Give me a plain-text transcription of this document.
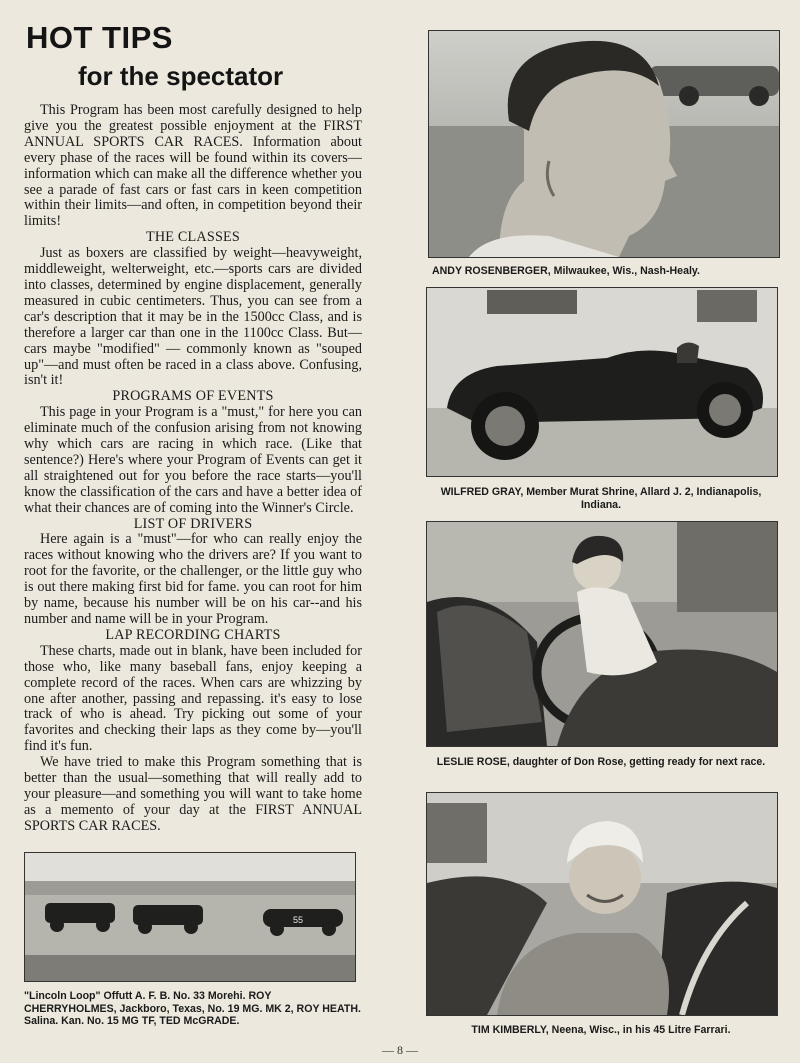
HOT TIPS
for the spectator

This Program has been most carefully designed to help give you the greatest possible enjoyment at the FIRST ANNUAL SPORTS CAR RACES. Information about every phase of the races will be found within its covers—information which can make all the difference whether you see a parade of fast cars or fast cars in keen competition within their limits—and often, in competition beyond their limits!

THE CLASSES

Just as boxers are classified by weight—heavyweight, middleweight, welterweight, etc.—sports cars are divided into classes, determined by engine displacement, generally measured in cubic centimeters. Thus, you can see from a car's description that it may be in the 1500cc Class, and is therefore a larger car than one in the 1100cc Class. But—cars maybe "modified" — commonly known as "souped up"—and must often be raced in a class above. Confusing, isn't it!

PROGRAMS OF EVENTS

This page in your Program is a "must," for here you can eliminate much of the confusion arising from not knowing why which cars are racing in which race. (Like that sentence?) Here's where your Program of Events can get it all straightened out for you before the race starts—you'll know the classification of the cars and have a better idea of what their chances are of coming into the Winner's Circle.

LIST OF DRIVERS

Here again is a "must"—for who can really enjoy the races without knowing who the drivers are? If you want to root for the favorite, or the challenger, or the little guy who is out there making first bid for fame. you can root for him by name, because his number will be on his car--and his number and name will be in your Program.

LAP RECORDING CHARTS

These charts, made out in blank, have been included for those who, like many baseball fans, enjoy keeping a complete record of the races. When cars are whizzing by one after another, passing and repassing. it's easy to lose track of who is ahead. Try picking out some of your favorites and checking their laps as they come by—you'll find it's fun.

We have tried to make this Program something that is better than the usual—something that will really add to your pleasure—and something you will want to take home as a memento of your day at the FIRST ANNUAL SPORTS CAR RACES.

ANDY ROSENBERGER, Milwaukee, Wis., Nash-Healy.
WILFRED GRAY, Member Murat Shrine, Allard J. 2, Indianapolis, Indiana.
LESLIE ROSE, daughter of Don Rose, getting ready for next race.
TIM KIMBERLY, Neena, Wisc., in his 45 Litre Farrari.
55
"Lincoln Loop" Offutt A. F. B. No. 33 Morehi. ROY CHERRYHOLMES, Jackboro, Texas, No. 19 MG. MK 2, ROY HEATH. Salina. Kan. No. 15 MG TF, TED McGRADE.
— 8 —
